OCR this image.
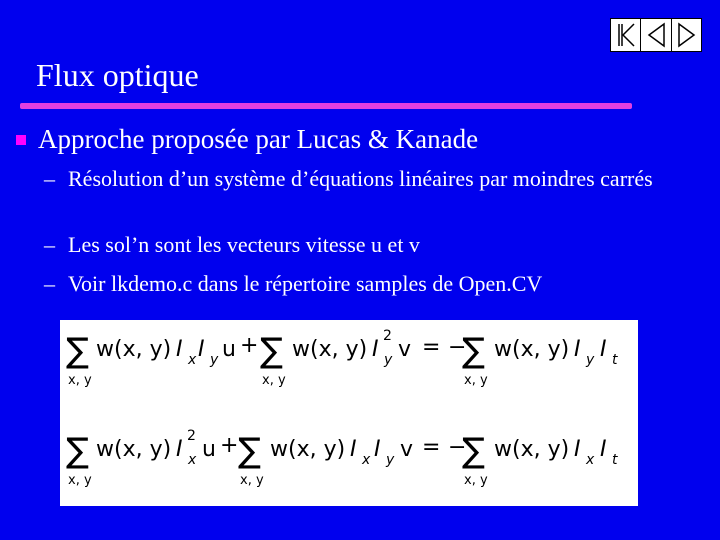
Flux optique
Approche proposée par Lucas & Kanade
– Résolution d’un système d’équations linéaires par moindres carrés
– Les sol’n sont les vecteurs vitesse u et v
– Voir lkdemo.c dans le répertoire samples de Open.CV
∑
x, y
w(x, y) I x I y u + ∑
x, y
w(x, y) I y
2
v = −
∑
x, y
w(x, y) I y I t
∑
x, y
w(x, y) I x
2
u + ∑
x, y
w(x, y) I x I y v = −
∑
x, y
w(x, y) I x I t
